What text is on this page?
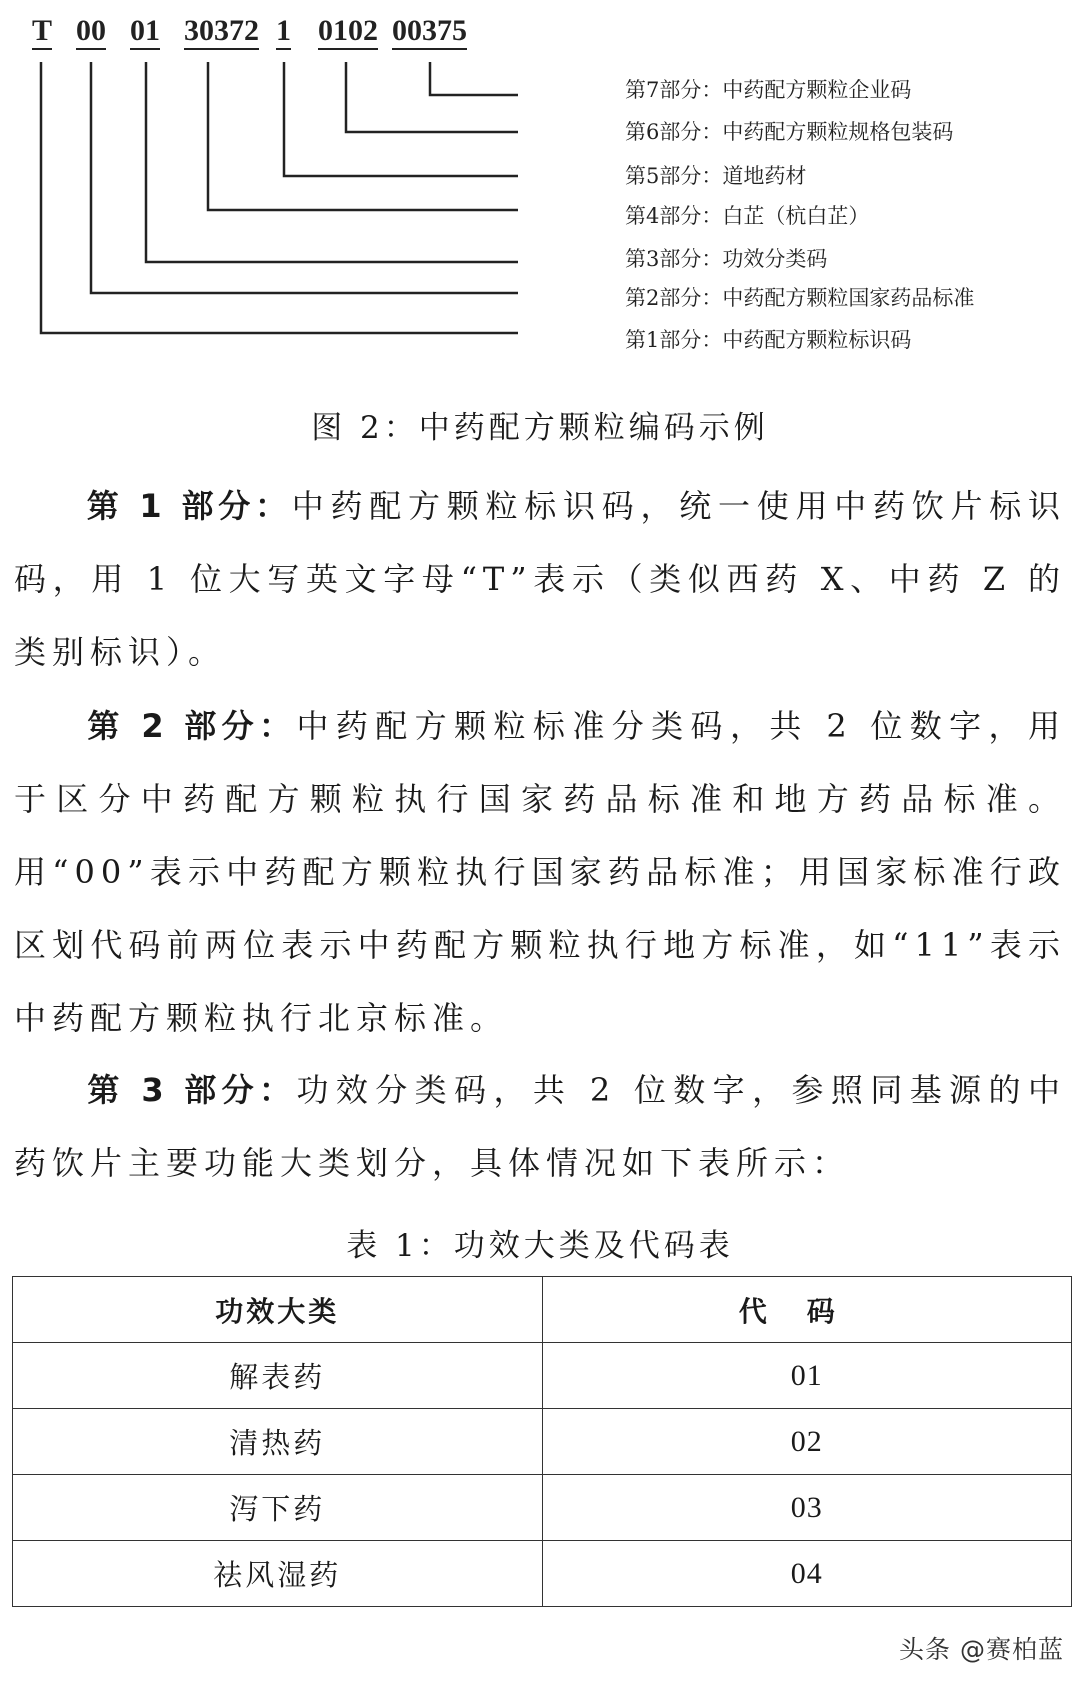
T 00 01 30372 1 0102 00375
第7部分：中药配方颗粒企业码
第6部分：中药配方颗粒规格包装码
第5部分：道地药材
第4部分：白芷（杭白芷）
第3部分：功效分类码
第2部分：中药配方颗粒国家药品标准
第1部分：中药配方颗粒标识码
图 2：中药配方颗粒编码示例

第 1 部分：中药配方颗粒标识码，统一使用中药饮片标识码，用 1 位大写英文字母“T”表示（类似西药 X、中药 Z 的类别标识）。

第 2 部分：中药配方颗粒标准分类码，共 2 位数字，用于区分中药配方颗粒执行国家药品标准和地方药品标准。用“00”表示中药配方颗粒执行国家药品标准；用国家标准行政区划代码前两位表示中药配方颗粒执行地方标准，如“11”表示中药配方颗粒执行北京标准。

第 3 部分：功效分类码，共 2 位数字，参照同基源的中药饮片主要功能大类划分，具体情况如下表所示：

表 1：功效大类及代码表
功效大类	代码
解表药	01
清热药	02
泻下药	03
祛风湿药	04
头条 @赛柏蓝
